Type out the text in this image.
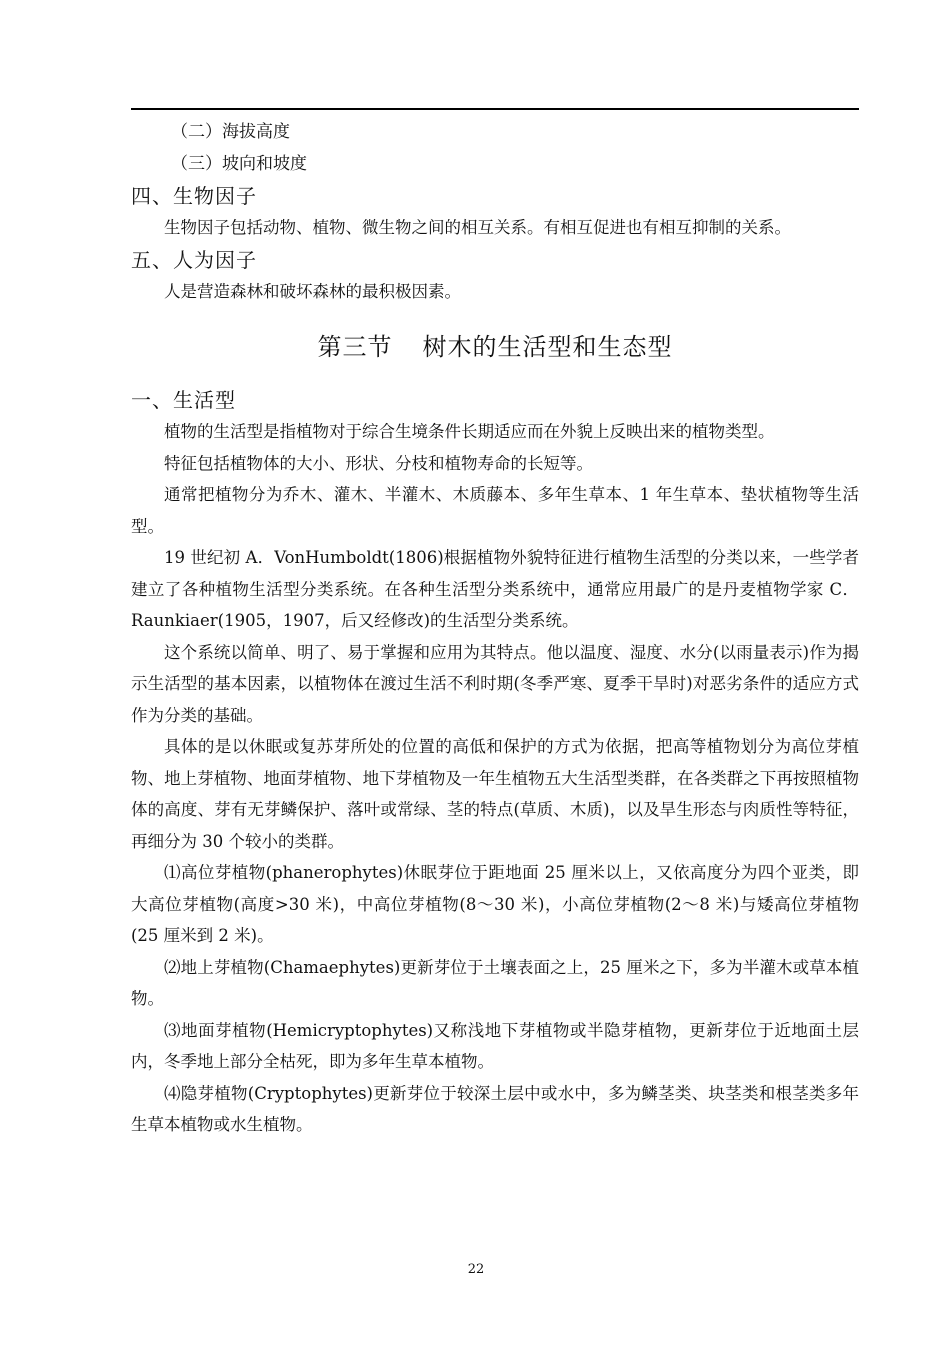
（二）海拔高度
（三）坡向和坡度
四、生物因子

生物因子包括动物、植物、微生物之间的相互关系。有相互促进也有相互抑制的关系。

五、人为因子

人是营造森林和破坏森林的最积极因素。

第三节 树木的生活型和生态型
一、生活型

植物的生活型是指植物对于综合生境条件长期适应而在外貌上反映出来的植物类型。

特征包括植物体的大小、形状、分枝和植物寿命的长短等。

通常把植物分为乔木、灌木、半灌木、木质藤本、多年生草本、1 年生草本、垫状植物等生活型。

19 世纪初 A．VonHumboldt(1806)根据植物外貌特征进行植物生活型的分类以来，一些学者建立了各种植物生活型分类系统。在各种生活型分类系统中，通常应用最广的是丹麦植物学家 C．Raunkiaer(1905，1907，后又经修改)的生活型分类系统。

这个系统以简单、明了、易于掌握和应用为其特点。他以温度、湿度、水分(以雨量表示)作为揭示生活型的基本因素，以植物体在渡过生活不利时期(冬季严寒、夏季干旱时)对恶劣条件的适应方式作为分类的基础。

具体的是以休眠或复苏芽所处的位置的高低和保护的方式为依据，把高等植物划分为高位芽植物、地上芽植物、地面芽植物、地下芽植物及一年生植物五大生活型类群，在各类群之下再按照植物体的高度、芽有无芽鳞保护、落叶或常绿、茎的特点(草质、木质)，以及旱生形态与肉质性等特征，再细分为 30 个较小的类群。

⑴高位芽植物(phanerophytes)休眠芽位于距地面 25 厘米以上，又依高度分为四个亚类，即大高位芽植物(高度>30 米)，中高位芽植物(8～30 米)，小高位芽植物(2～8 米)与矮高位芽植物(25 厘米到 2 米)。

⑵地上芽植物(Chamaephytes)更新芽位于土壤表面之上，25 厘米之下，多为半灌木或草本植物。

⑶地面芽植物(Hemicryptophytes)又称浅地下芽植物或半隐芽植物，更新芽位于近地面土层内，冬季地上部分全枯死，即为多年生草本植物。

⑷隐芽植物(Cryptophytes)更新芽位于较深土层中或水中，多为鳞茎类、块茎类和根茎类多年生草本植物或水生植物。

22
